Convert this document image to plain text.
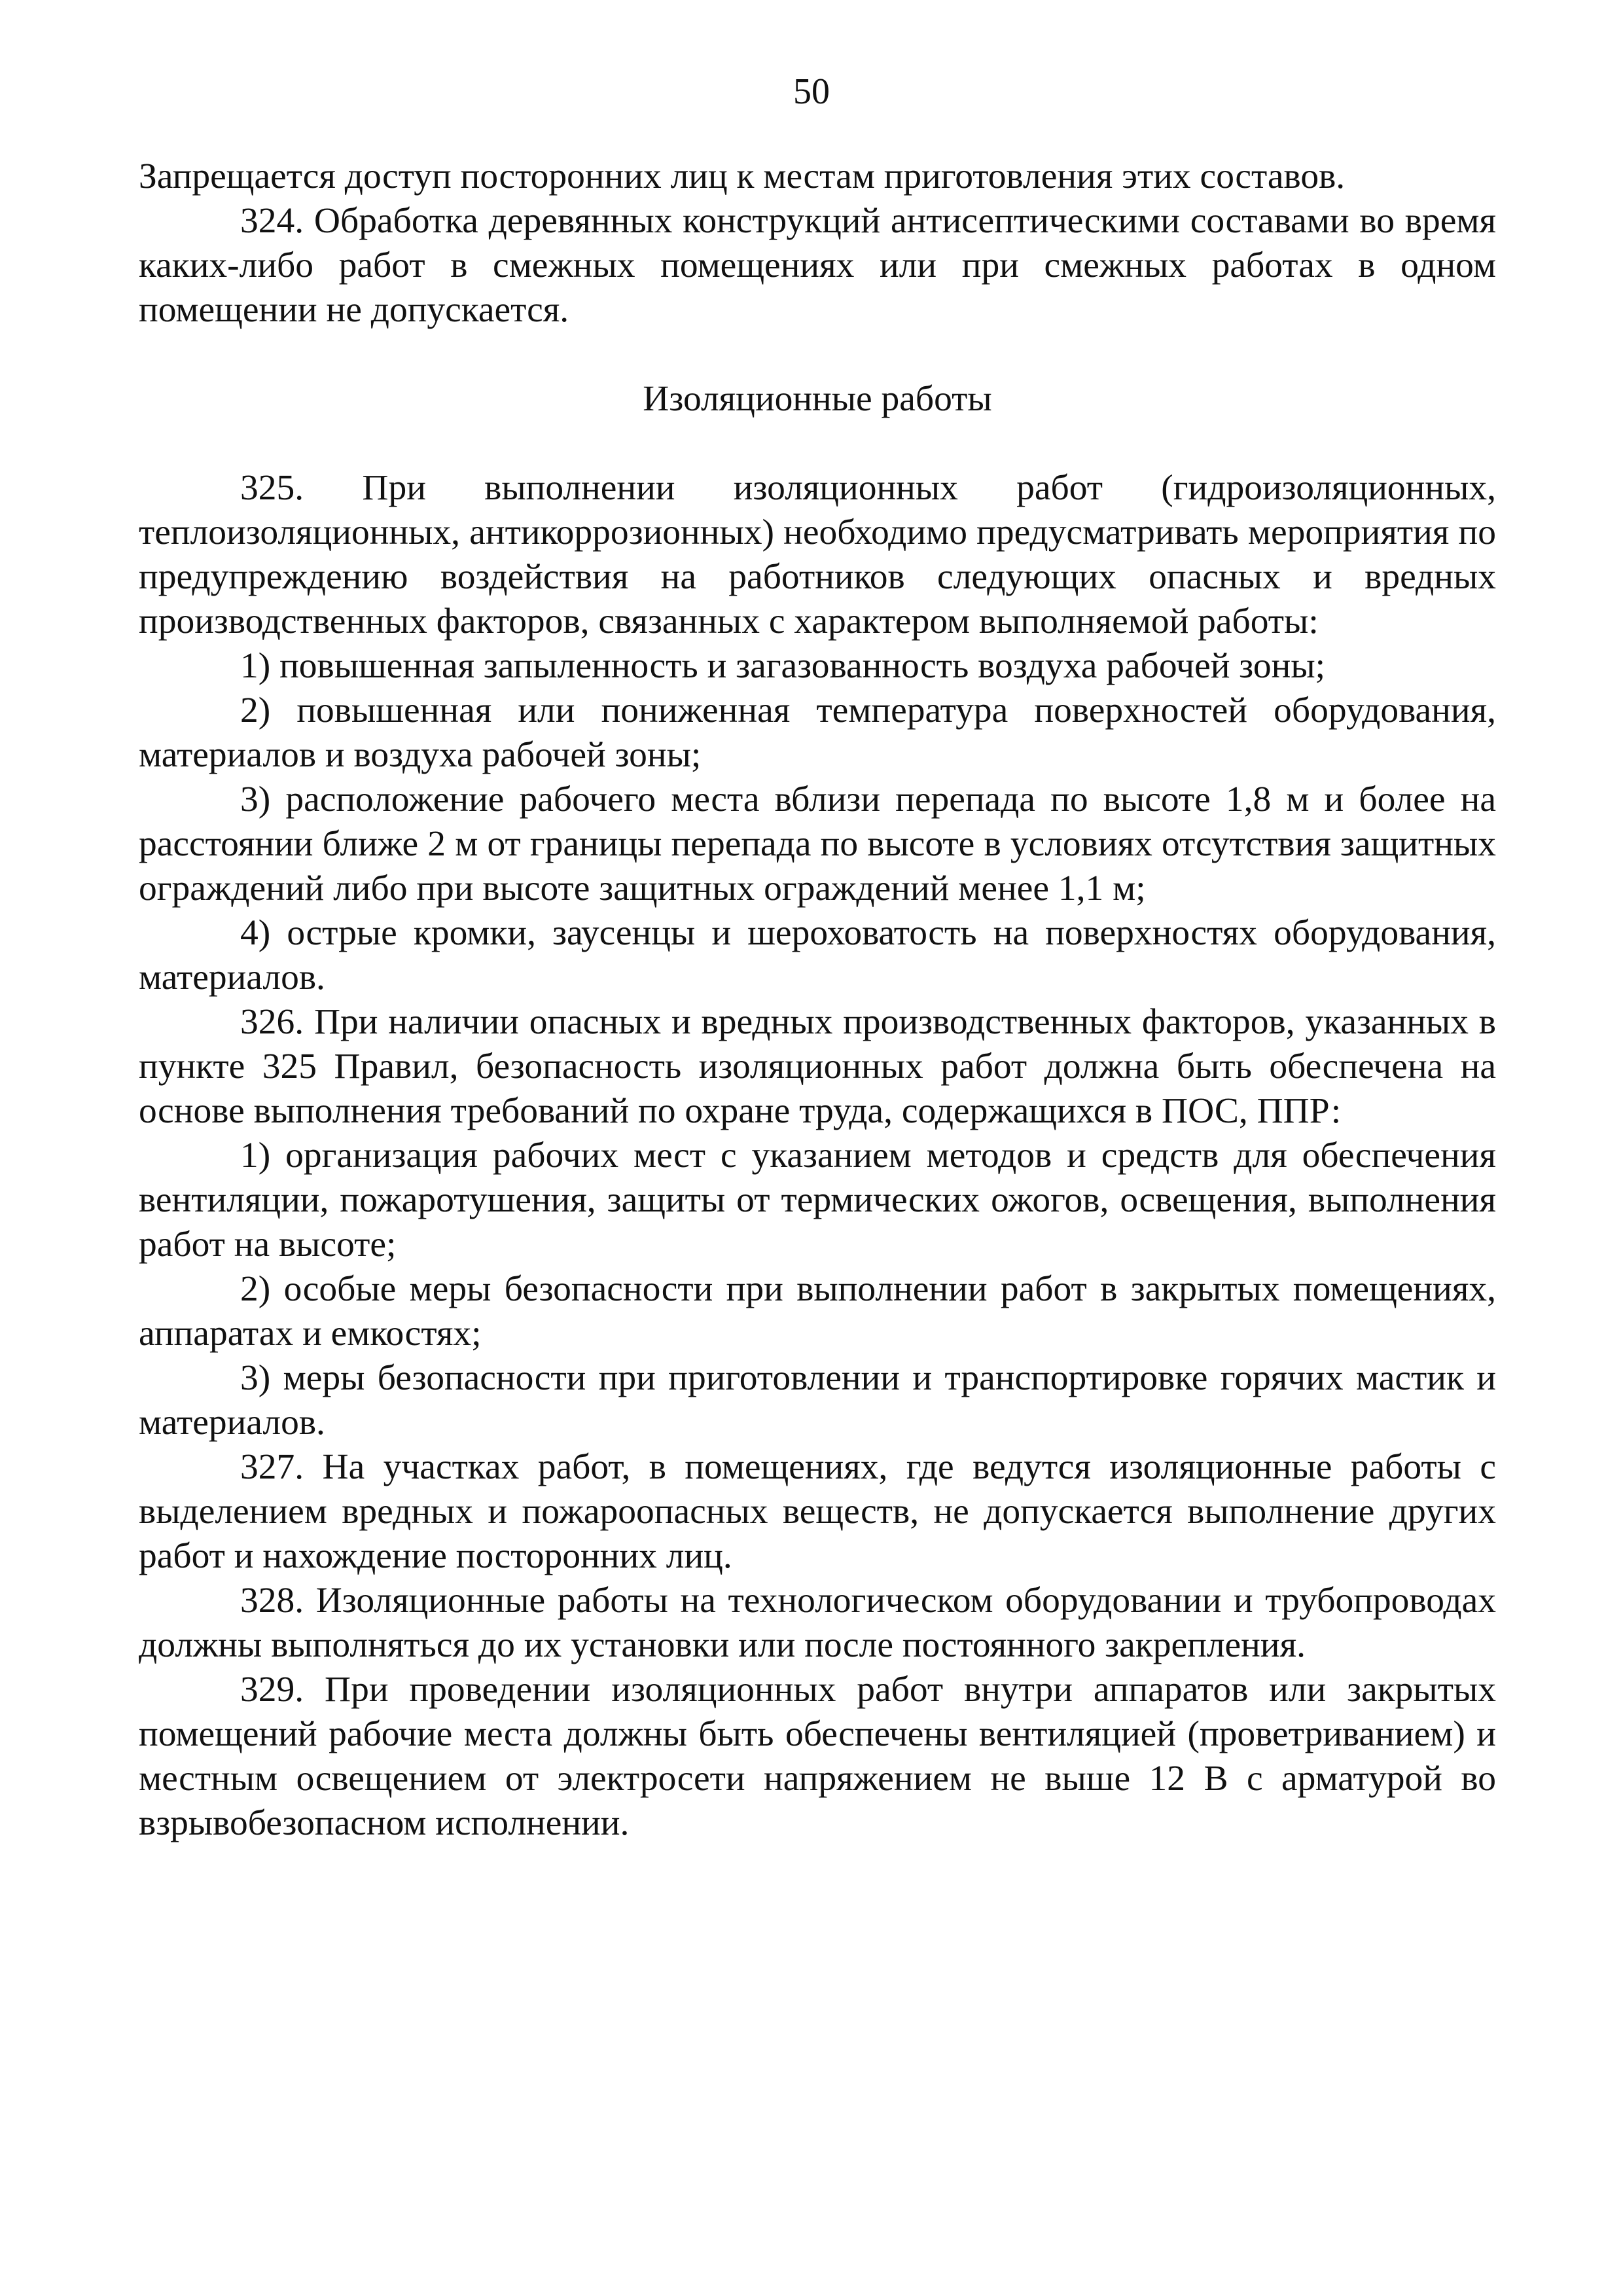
50

Запрещается доступ посторонних лиц к местам приготовления этих составов.

324. Обработка деревянных конструкций антисептическими составами во время каких-либо работ в смежных помещениях или при смежных работах в одном помещении не допускается.

Изоляционные работы

325. При выполнении изоляционных работ (гидроизоляционных, теплоизоляционных, антикоррозионных) необходимо предусматривать мероприятия по предупреждению воздействия на работников следующих опасных и вредных производственных факторов, связанных с характером выполняемой работы:

1) повышенная запыленность и загазованность воздуха рабочей зоны;

2) повышенная или пониженная температура поверхностей оборудования, материалов и воздуха рабочей зоны;

3) расположение рабочего места вблизи перепада по высоте 1,8 м и более на расстоянии ближе 2 м от границы перепада по высоте в условиях отсутствия защитных ограждений либо при высоте защитных ограждений менее 1,1 м;

4) острые кромки, заусенцы и шероховатость на поверхностях оборудования, материалов.

326. При наличии опасных и вредных производственных факторов, указанных в пункте 325 Правил, безопасность изоляционных работ должна быть обеспечена на основе выполнения требований по охране труда, содержащихся в ПОС, ППР:

1) организация рабочих мест с указанием методов и средств для обеспечения вентиляции, пожаротушения, защиты от термических ожогов, освещения, выполнения работ на высоте;

2) особые меры безопасности при выполнении работ в закрытых помещениях, аппаратах и емкостях;

3) меры безопасности при приготовлении и транспортировке горячих мастик и материалов.

327. На участках работ, в помещениях, где ведутся изоляционные работы с выделением вредных и пожароопасных веществ, не допускается выполнение других работ и нахождение посторонних лиц.

328. Изоляционные работы на технологическом оборудовании и трубопроводах должны выполняться до их установки или после постоянного закрепления.

329. При проведении изоляционных работ внутри аппаратов или закрытых помещений рабочие места должны быть обеспечены вентиляцией (проветриванием) и местным освещением от электросети напряжением не выше 12 В с арматурой во взрывобезопасном исполнении.
